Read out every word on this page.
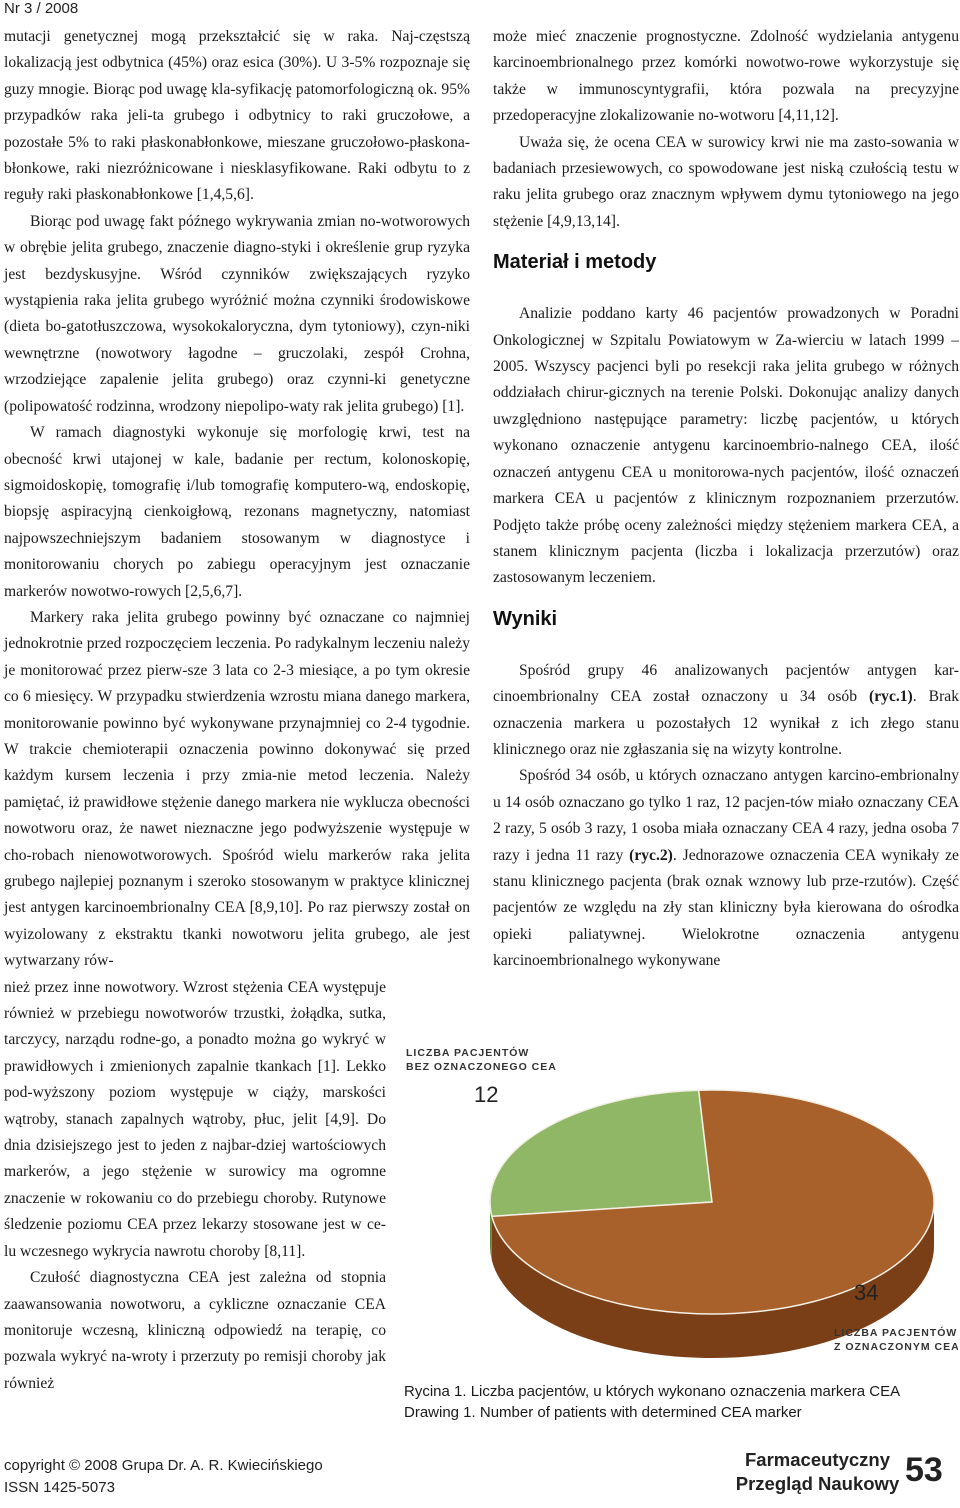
Nr 3 / 2008

mutacji genetycznej mogą przekształcić się w raka. Naj-częstszą lokalizacją jest odbytnica (45%) oraz esica (30%). U 3-5% rozpoznaje się guzy mnogie. Biorąc pod uwagę kla-syfikację patomorfologiczną ok. 95% przypadków raka jeli-ta grubego i odbytnicy to raki gruczołowe, a pozostałe 5% to raki płaskonabłonkowe, mieszane gruczołowo-płaskona-błonkowe, raki niezróżnicowane i niesklasyfikowane. Raki odbytu to z reguły raki płaskonabłonkowe [1,4,5,6].

Biorąc pod uwagę fakt późnego wykrywania zmian no-wotworowych w obrębie jelita grubego, znaczenie diagno-styki i określenie grup ryzyka jest bezdyskusyjne. Wśród czynników zwiększających ryzyko wystąpienia raka jelita grubego wyróżnić można czynniki środowiskowe (dieta bo-gatotłuszczowa, wysokokaloryczna, dym tytoniowy), czyn-niki wewnętrzne (nowotwory łagodne – gruczolaki, zespół Crohna, wrzodziejące zapalenie jelita grubego) oraz czynni-ki genetyczne (polipowatość rodzinna, wrodzony niepolipo-waty rak jelita grubego) [1].

W ramach diagnostyki wykonuje się morfologię krwi, test na obecność krwi utajonej w kale, badanie per rectum, kolonoskopię, sigmoidoskopię, tomografię i/lub tomografię komputero-wą, endoskopię, biopsję aspiracyjną cienkoigłową, rezonans magnetyczny, natomiast najpowszechniejszym badaniem stosowanym w diagnostyce i monitorowaniu chorych po zabiegu operacyjnym jest oznaczanie markerów nowotwo-rowych [2,5,6,7].

Markery raka jelita grubego powinny być oznaczane co najmniej jednokrotnie przed rozpoczęciem leczenia. Po radykalnym leczeniu należy je monitorować przez pierw-sze 3 lata co 2-3 miesiące, a po tym okresie co 6 miesięcy. W przypadku stwierdzenia wzrostu miana danego markera, monitorowanie powinno być wykonywane przynajmniej co 2-4 tygodnie. W trakcie chemioterapii oznaczenia powinno dokonywać się przed każdym kursem leczenia i przy zmia-nie metod leczenia. Należy pamiętać, iż prawidłowe stężenie danego markera nie wyklucza obecności nowotworu oraz, że nawet nieznaczne jego podwyższenie występuje w cho-robach nienowotworowych. Spośród wielu markerów raka jelita grubego najlepiej poznanym i szeroko stosowanym w praktyce klinicznej jest antygen karcinoembrionalny CEA [8,9,10]. Po raz pierwszy został on wyizolowany z ekstraktu tkanki nowotworu jelita grubego, ale jest wytwarzany rów-

nież przez inne nowotwory. Wzrost stężenia CEA występuje również w przebiegu nowotworów trzustki, żołądka, sutka, tarczycy, narządu rodne-go, a ponadto można go wykryć w prawidłowych i zmienionych zapalnie tkankach [1]. Lekko pod-wyższony poziom występuje w ciąży, marskości wątroby, stanach zapalnych wątroby, płuc, jelit [4,9]. Do dnia dzisiejszego jest to jeden z najbar-dziej wartościowych markerów, a jego stężenie w surowicy ma ogromne znaczenie w rokowaniu co do przebiegu choroby. Rutynowe śledzenie poziomu CEA przez lekarzy stosowane jest w ce-lu wczesnego wykrycia nawrotu choroby [8,11].

Czułość diagnostyczna CEA jest zależna od stopnia zaawansowania nowotworu, a cykliczne oznaczanie CEA monitoruje wczesną, kliniczną odpowiedź na terapię, co pozwala wykryć na-wroty i przerzuty po remisji choroby jak również

może mieć znaczenie prognostyczne. Zdolność wydzielania antygenu karcinoembrionalnego przez komórki nowotwo-rowe wykorzystuje się także w immunoscyntygrafii, która pozwala na precyzyjne przedoperacyjne zlokalizowanie no-wotworu [4,11,12].

Uważa się, że ocena CEA w surowicy krwi nie ma zasto-sowania w badaniach przesiewowych, co spowodowane jest niską czułością testu w raku jelita grubego oraz znacznym wpływem dymu tytoniowego na jego stężenie [4,9,13,14].

Materiał i metody

Analizie poddano karty 46 pacjentów prowadzonych w Poradni Onkologicznej w Szpitalu Powiatowym w Za-wierciu w latach 1999 – 2005. Wszyscy pacjenci byli po resekcji raka jelita grubego w różnych oddziałach chirur-gicznych na terenie Polski. Dokonując analizy danych uwzględniono następujące parametry: liczbę pacjentów, u których wykonano oznaczenie antygenu karcinoembrio-nalnego CEA, ilość oznaczeń antygenu CEA u monitorowa-nych pacjentów, ilość oznaczeń markera CEA u pacjentów z klinicznym rozpoznaniem przerzutów. Podjęto także próbę oceny zależności między stężeniem markera CEA, a stanem klinicznym pacjenta (liczba i lokalizacja przerzutów) oraz zastosowanym leczeniem.

Wyniki

Spośród grupy 46 analizowanych pacjentów antygen kar-cinoembrionalny CEA został oznaczony u 34 osób (ryc.1). Brak oznaczenia markera u pozostałych 12 wynikał z ich złego stanu klinicznego oraz nie zgłaszania się na wizyty kontrolne.

Spośród 34 osób, u których oznaczano antygen karcino-embrionalny u 14 osób oznaczano go tylko 1 raz, 12 pacjen-tów miało oznaczany CEA 2 razy, 5 osób 3 razy, 1 osoba miała oznaczany CEA 4 razy, jedna osoba 7 razy i jedna 11 razy (ryc.2). Jednorazowe oznaczenia CEA wynikały ze stanu klinicznego pacjenta (brak oznak wznowy lub prze-rzutów). Część pacjentów ze względu na zły stan kliniczny była kierowana do ośrodka opieki paliatywnej. Wielokrotne oznaczenia antygenu karcinoembrionalnego wykonywane

LICZBA PACJENTÓW
BEZ OZNACZONEGO CEA
12
LICZBA PACJENTÓW
Z OZNACZONYM CEA
34
Rycina 1. Liczba pacjentów, u których wykonano oznaczenia markera CEA
Drawing 1. Number of patients with determined CEA marker
copyright © 2008 Grupa Dr. A. R. Kwiecińskiego
ISSN 1425-5073
Farmaceutyczny
Przegląd Naukowy 53
